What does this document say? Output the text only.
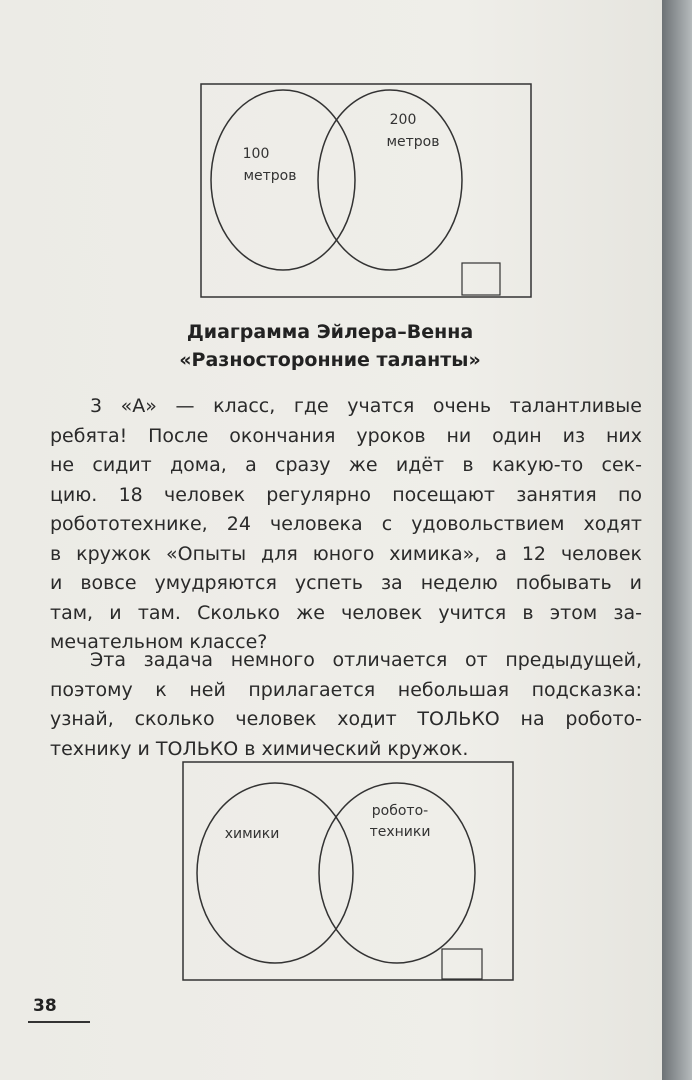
100
метров
200
метров
Диаграмма Эйлера–Венна
«Разносторонние таланты»
3 «А» — класс, где учатся очень талантливые
ребята! После окончания уроков ни один из них
не сидит дома, а сразу же идёт в какую-то сек-
цию. 18 человек регулярно посещают занятия по
робототехнике, 24 человека с удовольствием ходят
в кружок «Опыты для юного химика», а 12 человек
и вовсе умудряются успеть за неделю побывать и
там, и там. Сколько же человек учится в этом за-
мечательном классе?
Эта задача немного отличается от предыдущей,
поэтому к ней прилагается небольшая подсказка:
узнай, сколько человек ходит ТОЛЬКО на робото-
технику и ТОЛЬКО в химический кружок.
химики
робото-
техники
38
